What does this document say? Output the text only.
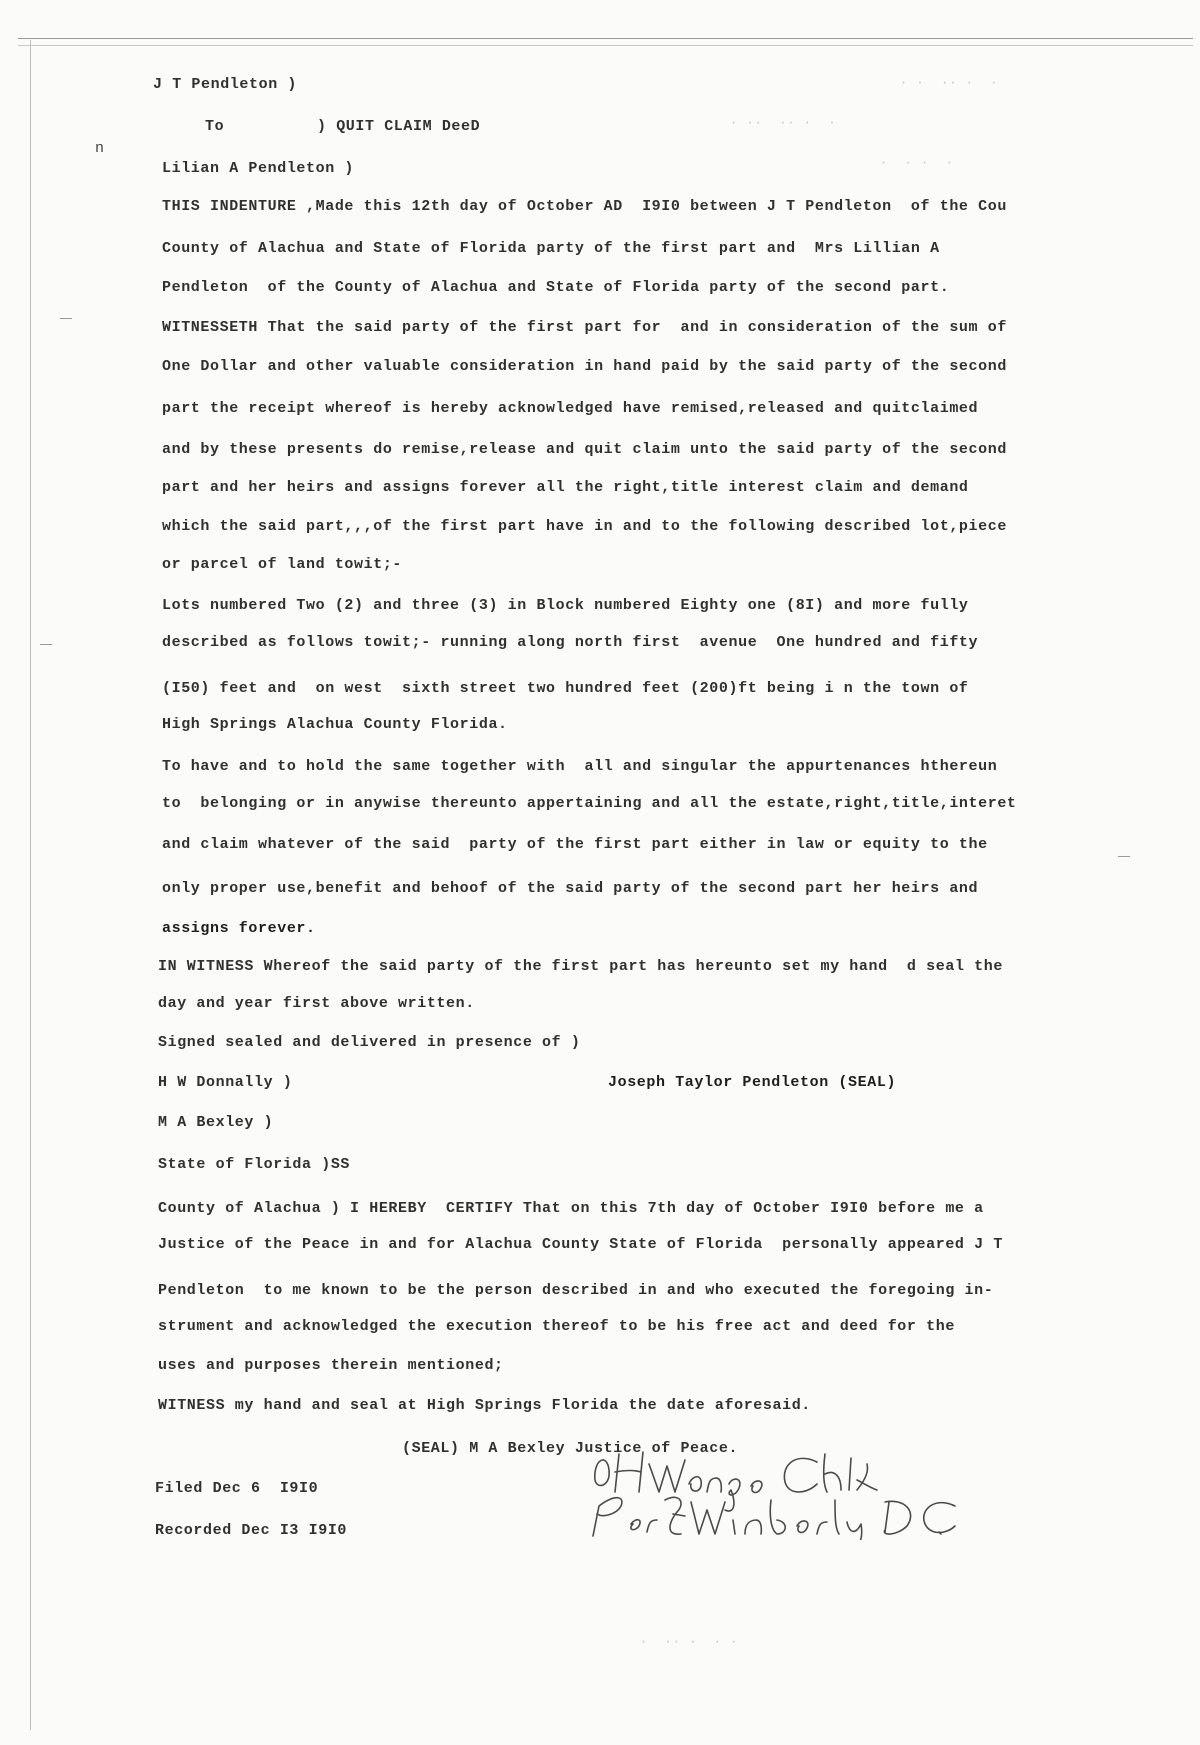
J T Pendleton )
To	) QUIT CLAIM DeeD
n
Lilian A Pendleton )
THIS INDENTURE ,Made this 12th day of October AD  I9I0 between J T Pendleton  of the Cou
County of Alachua and State of Florida party of the first part and  Mrs Lillian A
Pendleton  of the County of Alachua and State of Florida party of the second part.
WITNESSETH That the said party of the first part for  and in consideration of the sum of
One Dollar and other valuable consideration in hand paid by the said party of the second
part the receipt whereof is hereby acknowledged have remised,released and quitclaimed
and by these presents do remise,release and quit claim unto the said party of the second
part and her heirs and assigns forever all the right,title interest claim and demand
which the said part,,,of the first part have in and to the following described lot,piece
or parcel of land towit;-
Lots numbered Two (2) and three (3) in Block numbered Eighty one (8I) and more fully
described as follows towit;- running along north first  avenue  One hundred and fifty
(I50) feet and  on west  sixth street two hundred feet (200)ft being i n the town of
High Springs Alachua County Florida.
To have and to hold the same together with  all and singular the appurtenances hthereun
to  belonging or in anywise thereunto appertaining and all the estate,right,title,interet
and claim whatever of the said  party of the first part either in law or equity to the
only proper use,benefit and behoof of the said party of the second part her heirs and
assigns forever.
IN WITNESS Whereof the said party of the first part has hereunto set my hand  d seal the
day and year first above written.
Signed sealed and delivered in presence of )
H W Donnally )	Joseph Taylor Pendleton (SEAL)
M A Bexley )
State of Florida )SS
County of Alachua ) I HEREBY  CERTIFY That on this 7th day of October I9I0 before me a
Justice of the Peace in and for Alachua County State of Florida  personally appeared J T
Pendleton  to me known to be the person described in and who executed the foregoing in-
strument and acknowledged the execution thereof to be his free act and deed for the
uses and purposes therein mentioned;
WITNESS my hand and seal at High Springs Florida the date aforesaid.
(SEAL) M A Bexley Justice of Peace.
Filed Dec 6  I9I0
Recorded Dec I3 I9I0
· ·  ·· ·  ·
· ··  ·· ·  ·
·  · ·  ·
·  ·· ·  · ·
